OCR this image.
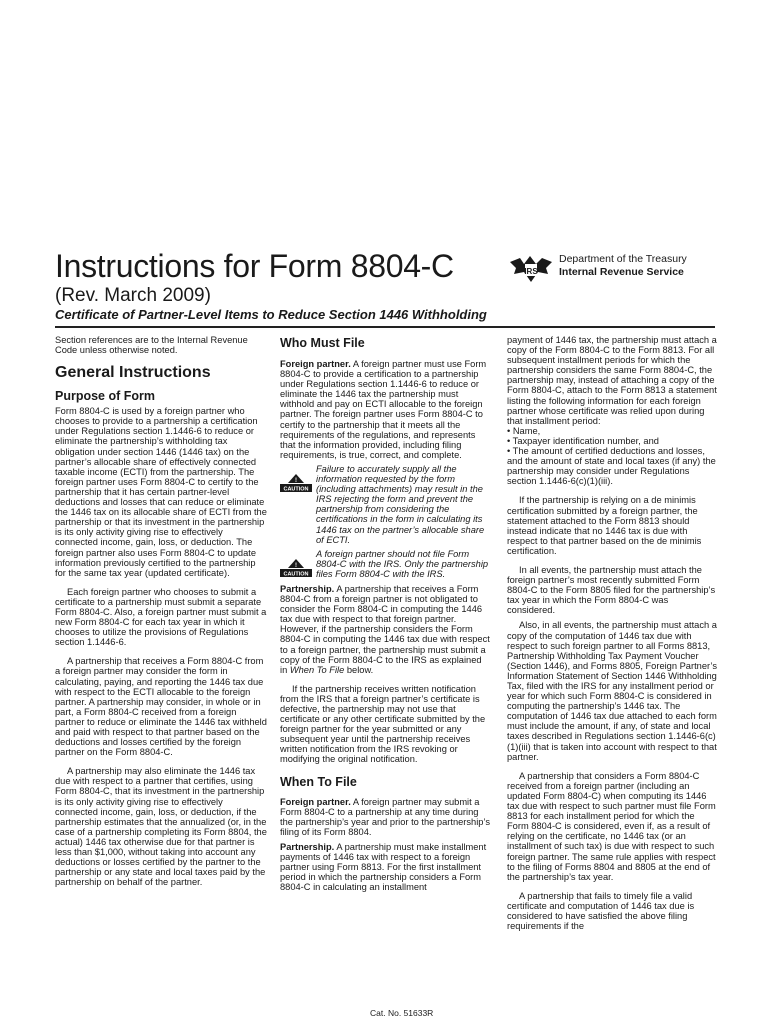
Instructions for Form 8804-C
(Rev. March 2009)
IRS
Department of the Treasury
Internal Revenue Service
Certificate of Partner-Level Items to Reduce Section 1446 Withholding

Section references are to the Internal Revenue Code unless otherwise noted.

General Instructions
Purpose of Form

Form 8804-C is used by a foreign partner who chooses to provide to a partnership a certification under Regulations section 1.1446-6 to reduce or eliminate the partnership’s withholding tax obligation under section 1446 (1446 tax) on the partner’s allocable share of effectively connected taxable income (ECTI) from the partnership. The foreign partner uses Form 8804-C to certify to the partnership that it has certain partner-level deductions and losses that can reduce or eliminate the 1446 tax on its allocable share of ECTI from the partnership or that its investment in the partnership is its only activity giving rise to effectively connected income, gain, loss, or deduction. The foreign partner also uses Form 8804-C to update information previously certified to the partnership for the same tax year (updated certificate).

Each foreign partner who chooses to submit a certificate to a partnership must submit a separate Form 8804-C. Also, a foreign partner must submit a new Form 8804-C for each tax year in which it chooses to utilize the provisions of Regulations section 1.1446-6.

A partnership that receives a Form 8804-C from a foreign partner may consider the form in calculating, paying, and reporting the 1446 tax due with respect to the ECTI allocable to the foreign partner. A partnership may consider, in whole or in part, a Form 8804-C received from a foreign partner to reduce or eliminate the 1446 tax withheld and paid with respect to that partner based on the deductions and losses certified by the foreign partner on the Form 8804-C.

A partnership may also eliminate the 1446 tax due with respect to a partner that certifies, using Form 8804-C, that its investment in the partnership is its only activity giving rise to effectively connected income, gain, loss, or deduction, if the partnership estimates that the annualized (or, in the case of a partnership completing its Form 8804, the actual) 1446 tax otherwise due for that partner is less than $1,000, without taking into account any deductions or losses certified by the partner to the partnership or any state and local taxes paid by the partnership on behalf of the partner.

Who Must File

Foreign partner. A foreign partner must use Form 8804-C to provide a certification to a partnership under Regulations section 1.1446-6 to reduce or eliminate the 1446 tax the partnership must withhold and pay on ECTI allocable to the foreign partner. The foreign partner uses Form 8804-C to certify to the partnership that it meets all the requirements of the regulations, and represents that the information provided, including filing requirements, is true, correct, and complete.

!
CAUTION
Failure to accurately supply all the information requested by the form (including attachments) may result in the IRS rejecting the form and prevent the partnership from considering the certifications in the form in calculating its 1446 tax on the partner’s allocable share of ECTI.
!
CAUTION
A foreign partner should not file Form 8804-C with the IRS. Only the partnership files Form 8804-C with the IRS.

Partnership. A partnership that receives a Form 8804-C from a foreign partner is not obligated to consider the Form 8804-C in computing the 1446 tax due with respect to that foreign partner. However, if the partnership considers the Form 8804-C in computing the 1446 tax due with respect to a foreign partner, the partnership must submit a copy of the Form 8804-C to the IRS as explained in When To File below.

If the partnership receives written notification from the IRS that a foreign partner’s certificate is defective, the partnership may not use that certificate or any other certificate submitted by the foreign partner for the year submitted or any subsequent year until the partnership receives written notification from the IRS revoking or modifying the original notification.

When To File

Foreign partner. A foreign partner may submit a Form 8804-C to a partnership at any time during the partnership’s year and prior to the partnership’s filing of its Form 8804.

Partnership. A partnership must make installment payments of 1446 tax with respect to a foreign partner using Form 8813. For the first installment period in which the partnership considers a Form 8804-C in calculating an installment

payment of 1446 tax, the partnership must attach a copy of the Form 8804-C to the Form 8813. For all subsequent installment periods for which the partnership considers the same Form 8804-C, the partnership may, instead of attaching a copy of the Form 8804-C, attach to the Form 8813 a statement listing the following information for each foreign partner whose certificate was relied upon during that installment period:

• Name,

• Taxpayer identification number, and

• The amount of certified deductions and losses, and the amount of state and local taxes (if any) the partnership may consider under Regulations section 1.1446-6(c)(1)(iii).

If the partnership is relying on a de minimis certification submitted by a foreign partner, the statement attached to the Form 8813 should instead indicate that no 1446 tax is due with respect to that partner based on the de minimis certification.

In all events, the partnership must attach the foreign partner’s most recently submitted Form 8804-C to the Form 8805 filed for the partnership’s tax year in which the Form 8804-C was considered.

Also, in all events, the partnership must attach a copy of the computation of 1446 tax due with respect to such foreign partner to all Forms 8813, Partnership Withholding Tax Payment Voucher (Section 1446), and Forms 8805, Foreign Partner’s Information Statement of Section 1446 Withholding Tax, filed with the IRS for any installment period or year for which such Form 8804-C is considered in computing the partnership’s 1446 tax. The computation of 1446 tax due attached to each form must include the amount, if any, of state and local taxes described in Regulations section 1.1446-6(c)(1)(iii) that is taken into account with respect to that partner.

A partnership that considers a Form 8804-C received from a foreign partner (including an updated Form 8804-C) when computing its 1446 tax due with respect to such partner must file Form 8813 for each installment period for which the Form 8804-C is considered, even if, as a result of relying on the certificate, no 1446 tax (or an installment of such tax) is due with respect to such foreign partner. The same rule applies with respect to the filing of Forms 8804 and 8805 at the end of the partnership’s tax year.

A partnership that fails to timely file a valid certificate and computation of 1446 tax due is considered to have satisfied the above filing requirements if the

Cat. No. 51633R
